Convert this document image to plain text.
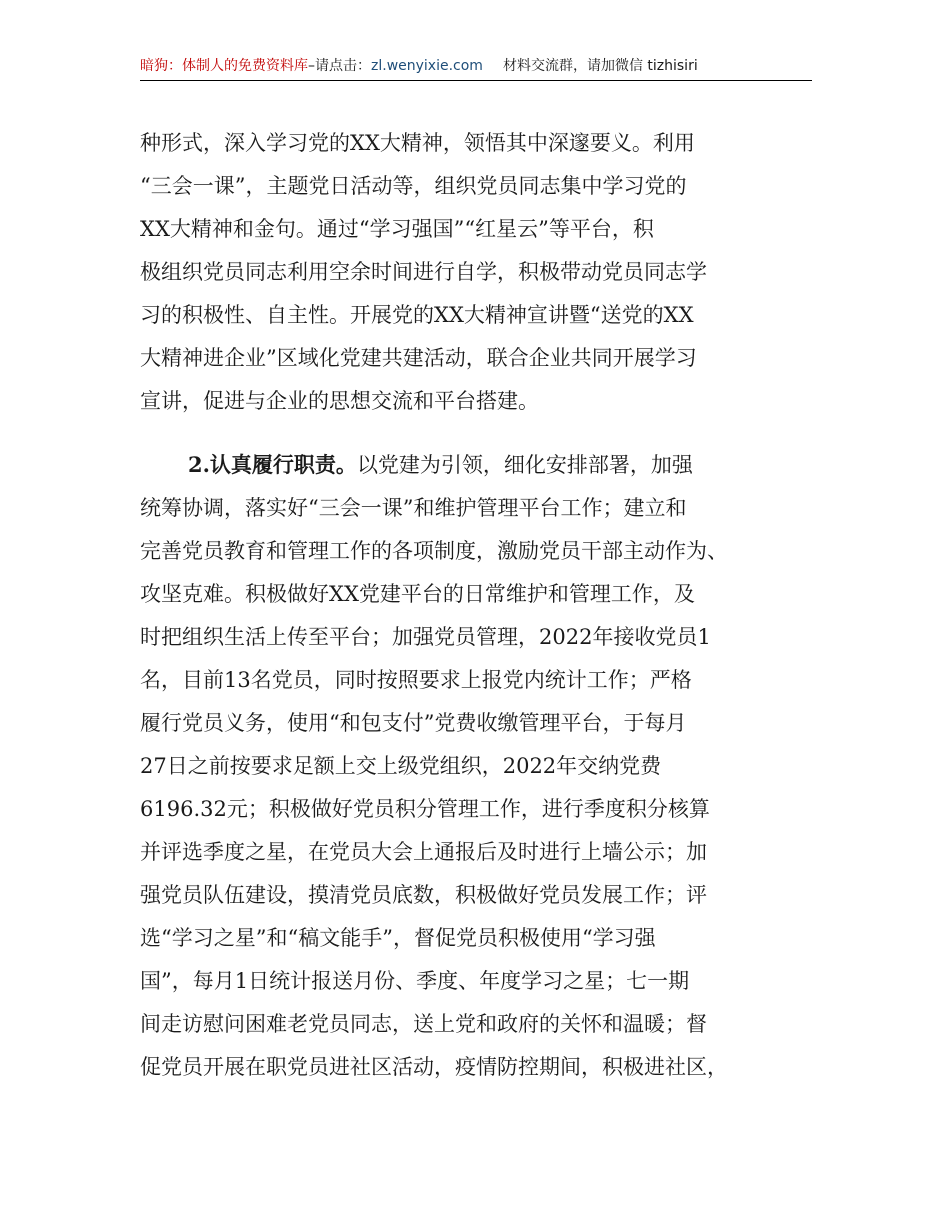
暗狗：体制人的免费资料库–请点击：zl.wenyixie.com 材料交流群，请加微信 tizhisiri
种形式，深入学习党的XX大精神，领悟其中深邃要义。利用
“三会一课”，主题党日活动等，组织党员同志集中学习党的
XX大精神和金句。通过“学习强国”“红星云”等平台，积
极组织党员同志利用空余时间进行自学，积极带动党员同志学
习的积极性、自主性。开展党的XX大精神宣讲暨“送党的XX
大精神进企业”区域化党建共建活动，联合企业共同开展学习
宣讲，促进与企业的思想交流和平台搭建。
2.认真履行职责。以党建为引领，细化安排部署，加强
统筹协调，落实好“三会一课”和维护管理平台工作；建立和
完善党员教育和管理工作的各项制度，激励党员干部主动作为、
攻坚克难。积极做好XX党建平台的日常维护和管理工作，及
时把组织生活上传至平台；加强党员管理，2022年接收党员1
名，目前13名党员，同时按照要求上报党内统计工作；严格
履行党员义务，使用“和包支付”党费收缴管理平台，于每月
27日之前按要求足额上交上级党组织，2022年交纳党费
6196.32元；积极做好党员积分管理工作，进行季度积分核算
并评选季度之星，在党员大会上通报后及时进行上墙公示；加
强党员队伍建设，摸清党员底数，积极做好党员发展工作；评
选“学习之星”和“稿文能手”，督促党员积极使用“学习强
国”，每月1日统计报送月份、季度、年度学习之星；七一期
间走访慰问困难老党员同志，送上党和政府的关怀和温暖；督
促党员开展在职党员进社区活动，疫情防控期间，积极进社区，
